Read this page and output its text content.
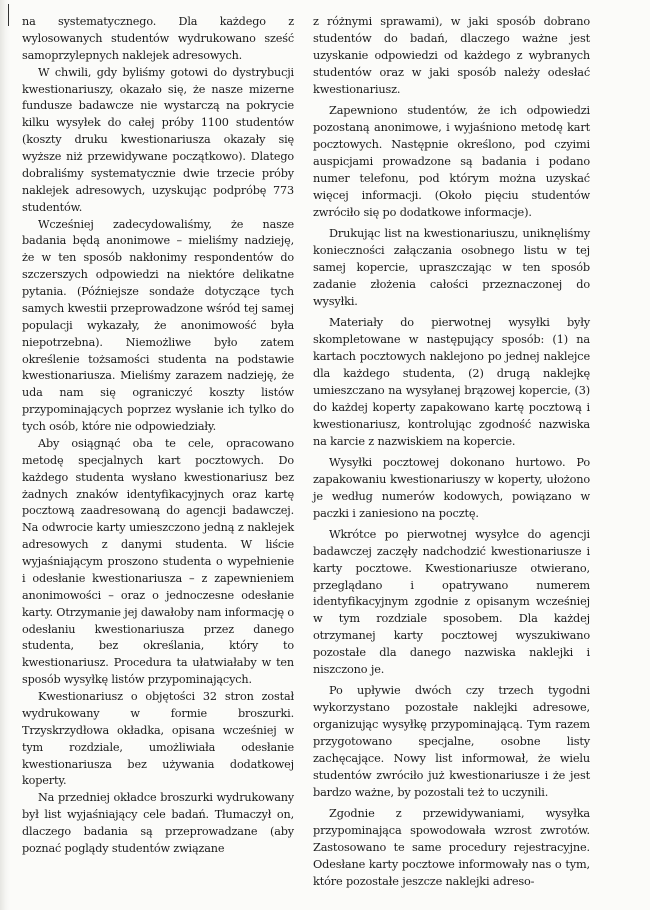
na systematycznego. Dla każdego z wylosowanych studentów wydrukowano sześć samoprzylepnych naklejek adresowych.

W chwili, gdy byliśmy gotowi do dystrybucji kwestionariuszy, okazało się, że nasze mizerne fundusze badawcze nie wystarczą na pokrycie kilku wysyłek do całej próby 1100 studentów (koszty druku kwestionariusza okazały się wyższe niż przewidywane początkowo). Dlatego dobraliśmy systematycznie dwie trzecie próby naklejek adresowych, uzyskując podpróbę 773 studentów.

Wcześniej zadecydowaliśmy, że nasze badania będą anonimowe – mieliśmy nadzieję, że w ten sposób nakłonimy respondentów do szczerszych odpowiedzi na niektóre delikatne pytania. (Późniejsze sondaże dotyczące tych samych kwestii przeprowadzone wśród tej samej populacji wykazały, że anonimowość była niepotrzebna). Niemożliwe było zatem określenie tożsamości studenta na podstawie kwestionariusza. Mieliśmy zarazem nadzieję, że uda nam się ograniczyć koszty listów przypominających poprzez wysłanie ich tylko do tych osób, które nie odpowiedziały.

Aby osiągnąć oba te cele, opracowano metodę specjalnych kart pocztowych. Do każdego studenta wysłano kwestionariusz bez żadnych znaków identyfikacyjnych oraz kartę pocztową zaadresowaną do agencji badawczej. Na odwrocie karty umieszczono jedną z naklejek adresowych z danymi studenta. W liście wyjaśniającym proszono studenta o wypełnienie i odesłanie kwestionariusza – z zapewnieniem anonimowości – oraz o jednoczesne odesłanie karty. Otrzymanie jej dawałoby nam informację o odesłaniu kwestionariusza przez danego studenta, bez określania, który to kwestionariusz. Procedura ta ułatwiałaby w ten sposób wysyłkę listów przypominających.

Kwestionariusz o objętości 32 stron został wydrukowany w formie broszurki. Trzyskrzydłowa okładka, opisana wcześniej w tym rozdziale, umożliwiała odesłanie kwestionariusza bez używania dodatkowej koperty.

Na przedniej okładce broszurki wydrukowany był list wyjaśniający cele badań. Tłumaczył on, dlaczego badania są przeprowadzane (aby poznać poglądy studentów związane

z różnymi sprawami), w jaki sposób dobrano studentów do badań, dlaczego ważne jest uzyskanie odpowiedzi od każdego z wybranych studentów oraz w jaki sposób należy odesłać kwestionariusz.

Zapewniono studentów, że ich odpowiedzi pozostaną anonimowe, i wyjaśniono metodę kart pocztowych. Następnie określono, pod czyimi auspicjami prowadzone są badania i podano numer telefonu, pod którym można uzyskać więcej informacji. (Około pięciu studentów zwróciło się po dodatkowe informacje).

Drukując list na kwestionariuszu, uniknęliśmy konieczności załączania osobnego listu w tej samej kopercie, upraszczając w ten sposób zadanie złożenia całości przeznaczonej do wysyłki.

Materiały do pierwotnej wysyłki były skompletowane w następujący sposób: (1) na kartach pocztowych naklejono po jednej naklejce dla każdego studenta, (2) drugą naklejkę umieszczano na wysyłanej brązowej kopercie, (3) do każdej koperty zapakowano kartę pocztową i kwestionariusz, kontrolując zgodność nazwiska na karcie z nazwiskiem na kopercie.

Wysyłki pocztowej dokonano hurtowo. Po zapakowaniu kwestionariuszy w koperty, ułożono je według numerów kodowych, powiązano w paczki i zaniesiono na pocztę.

Wkrótce po pierwotnej wysyłce do agencji badawczej zaczęły nadchodzić kwestionariusze i karty pocztowe. Kwestionariusze otwierano, przeglądano i opatrywano numerem identyfikacyjnym zgodnie z opisanym wcześniej w tym rozdziale sposobem. Dla każdej otrzymanej karty pocztowej wyszukiwano pozostałe dla danego nazwiska naklejki i niszczono je.

Po upływie dwóch czy trzech tygodni wykorzystano pozostałe naklejki adresowe, organizując wysyłkę przypominającą. Tym razem przygotowano specjalne, osobne listy zachęcające. Nowy list informował, że wielu studentów zwróciło już kwestionariusze i że jest bardzo ważne, by pozostali też to uczynili.

Zgodnie z przewidywaniami, wysyłka przypominająca spowodowała wzrost zwrotów. Zastosowano te same procedury rejestracyjne. Odesłane karty pocztowe informowały nas o tym, które pozostałe jeszcze naklejki adreso-
